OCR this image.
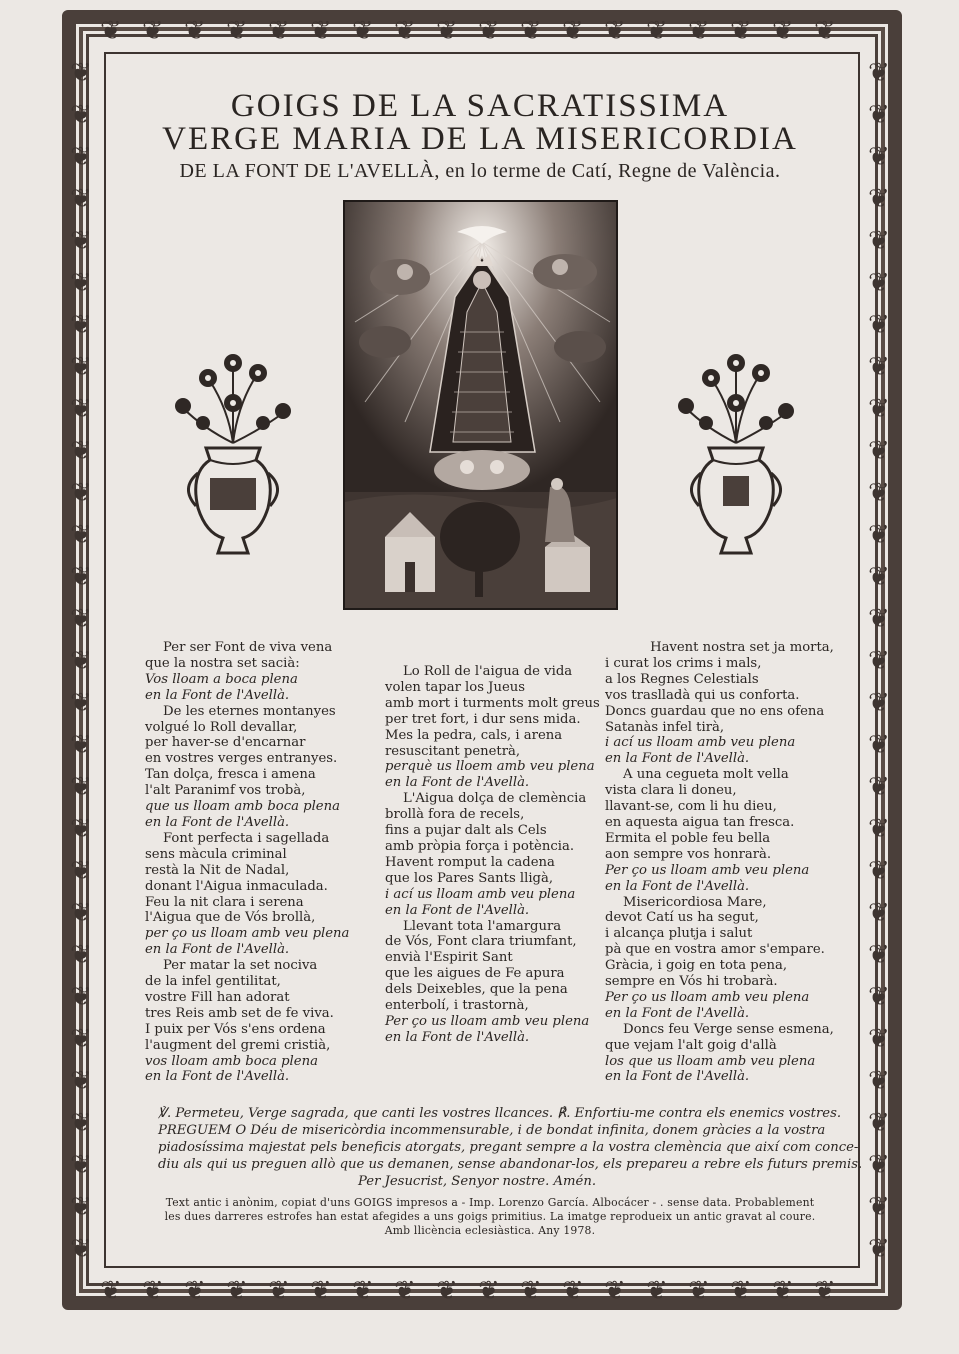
❦
❦
❦
❦
❦
❦
❦
❦
❦
❦
❦
❦
❦
❦
❦
❦
❦
❦
❦
❦
❦
❦
❦
❦
❦
❦
❦
❦
❦
❦
❦
❦
❦
❦
❦
❦
❦	❦
❦	❦
❦	❦
❦	❦
❦	❦
❦	❦
❦	❦
❦	❦
❦	❦
❦	❦
❦	❦
❦	❦
❦	❦
❦	❦
❦	❦
❦	❦
❦	❦
❦	❦
❦	❦
❦	❦
❦	❦
❦	❦
❦	❦
❦	❦
❦	❦
❦	❦
❦	❦
❦	❦
❦	❦
GOIGS DE LA SACRATISSIMA
VERGE MARIA DE LA MISERICORDIA
DE LA FONT DE L'AVELLÀ, en lo terme de Catí, Regne de València.
Per ser Font de viva vena
que la nostra set sacià:
Vos lloam a boca plena
en la Font de l'Avellà.
De les eternes montanyes
volgué lo Roll devallar,
per haver-se d'encarnar
en vostres verges entranyes.
Tan dolça, fresca i amena
l'alt Paranimf vos trobà,
que us lloam amb boca plena
en la Font de l'Avellà.
Font perfecta i sagellada
sens màcula criminal
restà la Nit de Nadal,
donant l'Aigua inmaculada.
Feu la nit clara i serena
l'Aigua que de Vós brollà,
per ço us lloam amb veu plena
en la Font de l'Avellà.
Per matar la set nociva
de la infel gentilitat,
vostre Fill han adorat
tres Reis amb set de fe viva.
I puix per Vós s'ens ordena
l'augment del gremi cristià,
vos lloam amb boca plena
en la Font de l'Avellà.
Lo Roll de l'aigua de vida
volen tapar los Jueus
amb mort i turments molt greus
per tret fort, i dur sens mida.
Mes la pedra, cals, i arena
resuscitant penetrà,
perquè us lloem amb veu plena
en la Font de l'Avellà.
L'Aigua dolça de clemència
brollà fora de recels,
fins a pujar dalt als Cels
amb pròpia força i potència.
Havent romput la cadena
que los Pares Sants lligà,
i ací us lloam amb veu plena
en la Font de l'Avellà.
Llevant tota l'amargura
de Vós, Font clara triumfant,
envià l'Espirit Sant
que les aigues de Fe apura
dels Deixebles, que la pena
enterbolí, i trastornà,
Per ço us lloam amb veu plena
en la Font de l'Avellà.
Havent nostra set ja morta,
i curat los crims i mals,
a los Regnes Celestials
vos traslladà qui us conforta.
Doncs guardau que no ens ofena
Satanàs infel tirà,
i ací us lloam amb veu plena
en la Font de l'Avellà.
A una cegueta molt vella
vista clara li doneu,
llavant-se, com li hu dieu,
en aquesta aigua tan fresca.
Ermita el poble feu bella
aon sempre vos honrarà.
Per ço us lloam amb veu plena
en la Font de l'Avellà.
Misericordiosa Mare,
devot Catí us ha segut,
i alcança plutja i salut
pà que en vostra amor s'empare.
Gràcia, i goig en tota pena,
sempre en Vós hi trobarà.
Per ço us lloam amb veu plena
en la Font de l'Avellà.
Doncs feu Verge sense esmena,
que vejam l'alt goig d'allà
los que us lloam amb veu plena
en la Font de l'Avellà.
℣. Permeteu, Verge sagrada, que canti les vostres llcances. ℟. Enfortiu-me contra els enemics vostres.
PREGUEM O Déu de misericòrdia incommensurable, i de bondat infinita, donem gràcies a la vostra
piadosíssima majestat pels beneficis atorgats, pregant sempre a la vostra clemència que així com conce-
diu als qui us preguen allò que us demanen, sense abandonar-los, els prepareu a rebre els futurs premis.
Per Jesucrist, Senyor nostre. Amén.
Text antic i anònim, copiat d'uns GOIGS impresos a - Imp. Lorenzo García. Albocácer - . sense data. Probablement
les dues darreres estrofes han estat afegides a uns goigs primitius. La imatge reprodueix un antic gravat al coure.
Amb llicència eclesiàstica. Any 1978.
